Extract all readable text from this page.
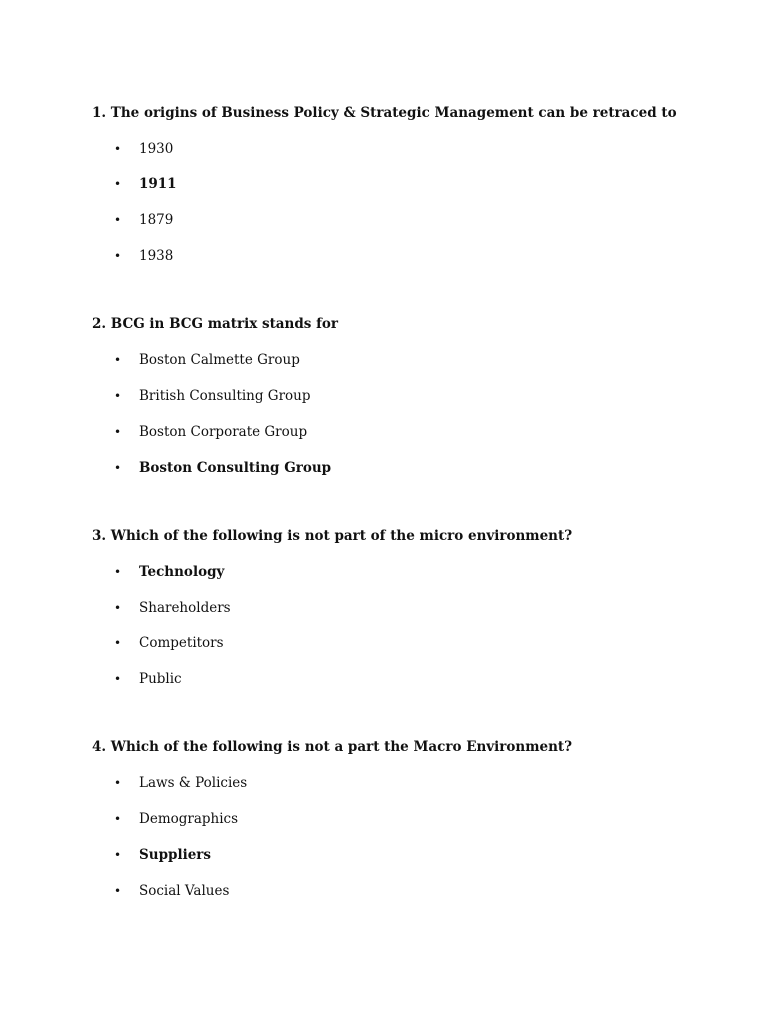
1. The origins of Business Policy & Strategic Management can be retraced to
• 1930
• 1911
• 1879
• 1938
2. BCG in BCG matrix stands for
• Boston Calmette Group
• British Consulting Group
• Boston Corporate Group
• Boston Consulting Group
3. Which of the following is not part of the micro environment?
• Technology
• Shareholders
• Competitors
• Public
4. Which of the following is not a part the Macro Environment?
• Laws & Policies
• Demographics
• Suppliers
• Social Values
